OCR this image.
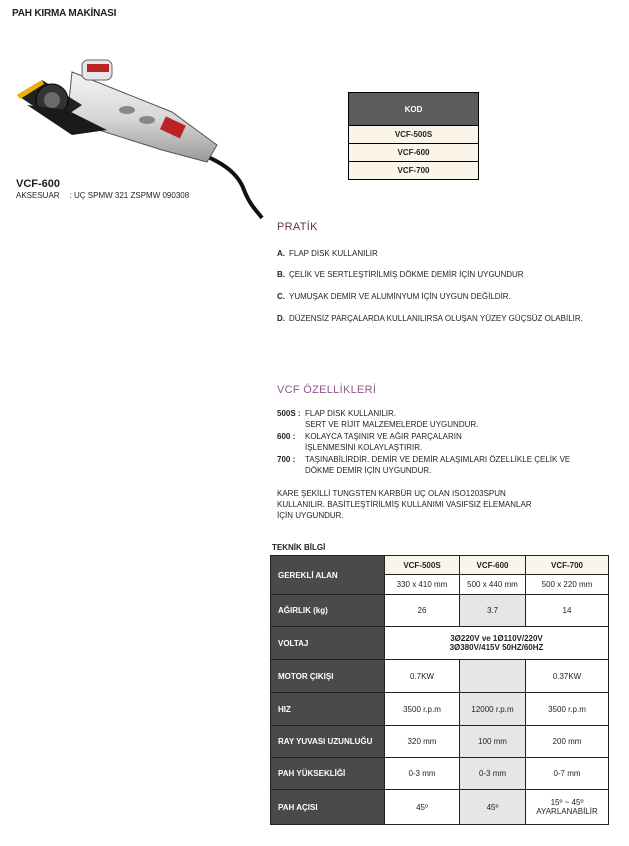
PAH KIRMA MAKİNASI
VCF-600
AKSESUAR : UÇ SPMW 321 ZSPMW 090308
KOD
VCF-500S
VCF-600
VCF-700
PRATİK
A. FLAP DİSK KULLANILIR
B. ÇELİK VE SERTLEŞTİRİLMİŞ DÖKME DEMİR İÇİN UYGUNDUR
C. YUMUŞAK DEMİR VE ALUMİNYUM İÇİN UYGUN DEĞİLDİR.
D. DÜZENSİZ PARÇALARDA KULLANILIRSA OLUŞAN YÜZEY GÜÇSÜZ OLABİLİR.
VCF ÖZELLİKLERİ
500S : FLAP DİSK KULLANILIR.
SERT VE RİJİT MALZEMELERDE UYGUNDUR.
600 : KOLAYCA TAŞINIR VE AĞIR PARÇALARIN
İŞLENMESİNİ KOLAYLAŞTIRIR.
700 : TAŞINABİLİRDİR. DEMİR VE DEMİR ALAŞIMLARI ÖZELLİKLE ÇELİK VE
DÖKME DEMİR İÇİN UYGUNDUR.
KARE ŞEKİLLİ TUNGSTEN KARBÜR UÇ OLAN ISO1203SPUN
KULLANILIR. BASİTLEŞTİRİLMİŞ KULLANIMI VASIFSIZ ELEMANLAR
İÇİN UYGUNDUR.
TEKNİK BİLGİ
GEREKLİ ALAN	VCF-500S	VCF-600	VCF-700
	330 x 410 mm	500 x 440 mm	500 x 220 mm
AĞIRLIK (kg)	26	3.7	14
VOLTAJ	3Ø220V ve 1Ø110V/220V
3Ø380V/415V 50HZ/60HZ		

MOTOR ÇIKIŞI	0.7KW		0.37KW
HIZ	3500 r.p.m	12000 r.p.m	3500 r.p.m
RAY YUVASI UZUNLUĞU	320 mm	100 mm	200 mm
PAH YÜKSEKLİĞİ	0-3 mm	0-3 mm	0-7 mm
PAH AÇISI	45º	45º	15º ~ 45º
AYARLANABİLİR
